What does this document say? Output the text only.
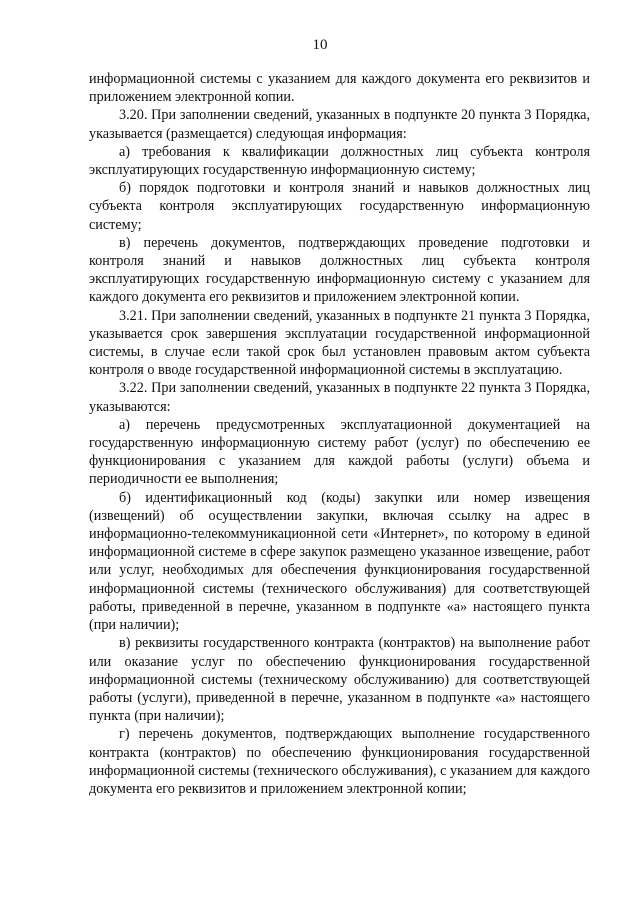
10

информационной системы с указанием для каждого документа его реквизитов и приложением электронной копии.

3.20. При заполнении сведений, указанных в подпункте 20 пункта 3 Порядка, указывается (размещается) следующая информация:

а) требования к квалификации должностных лиц субъекта контроля эксплуатирующих государственную информационную систему;

б) порядок подготовки и контроля знаний и навыков должностных лиц субъекта контроля эксплуатирующих государственную информационную систему;

в) перечень документов, подтверждающих проведение подготовки и контроля знаний и навыков должностных лиц субъекта контроля эксплуатирующих государственную информационную систему с указанием для каждого документа его реквизитов и приложением электронной копии.

3.21. При заполнении сведений, указанных в подпункте 21 пункта 3 Порядка, указывается срок завершения эксплуатации государственной информационной системы, в случае если такой срок был установлен правовым актом субъекта контроля о вводе государственной информационной системы в эксплуатацию.

3.22. При заполнении сведений, указанных в подпункте 22 пункта 3 Порядка, указываются:

а) перечень предусмотренных эксплуатационной документацией на государственную информационную систему работ (услуг) по обеспечению ее функционирования с указанием для каждой работы (услуги) объема и периодичности ее выполнения;

б) идентификационный код (коды) закупки или номер извещения (извещений) об осуществлении закупки, включая ссылку на адрес в информационно-телекоммуникационной сети «Интернет», по которому в единой информационной системе в сфере закупок размещено указанное извещение, работ или услуг, необходимых для обеспечения функционирования государственной информационной системы (технического обслуживания) для соответствующей работы, приведенной в перечне, указанном в подпункте «а» настоящего пункта (при наличии);

в) реквизиты государственного контракта (контрактов) на выполнение работ или оказание услуг по обеспечению функционирования государственной информационной системы (техническому обслуживанию) для соответствующей работы (услуги), приведенной в перечне, указанном в подпункте «а» настоящего пункта (при наличии);

г) перечень документов, подтверждающих выполнение государственного контракта (контрактов) по обеспечению функционирования государственной информационной системы (технического обслуживания), с указанием для каждого документа его реквизитов и приложением электронной копии;
